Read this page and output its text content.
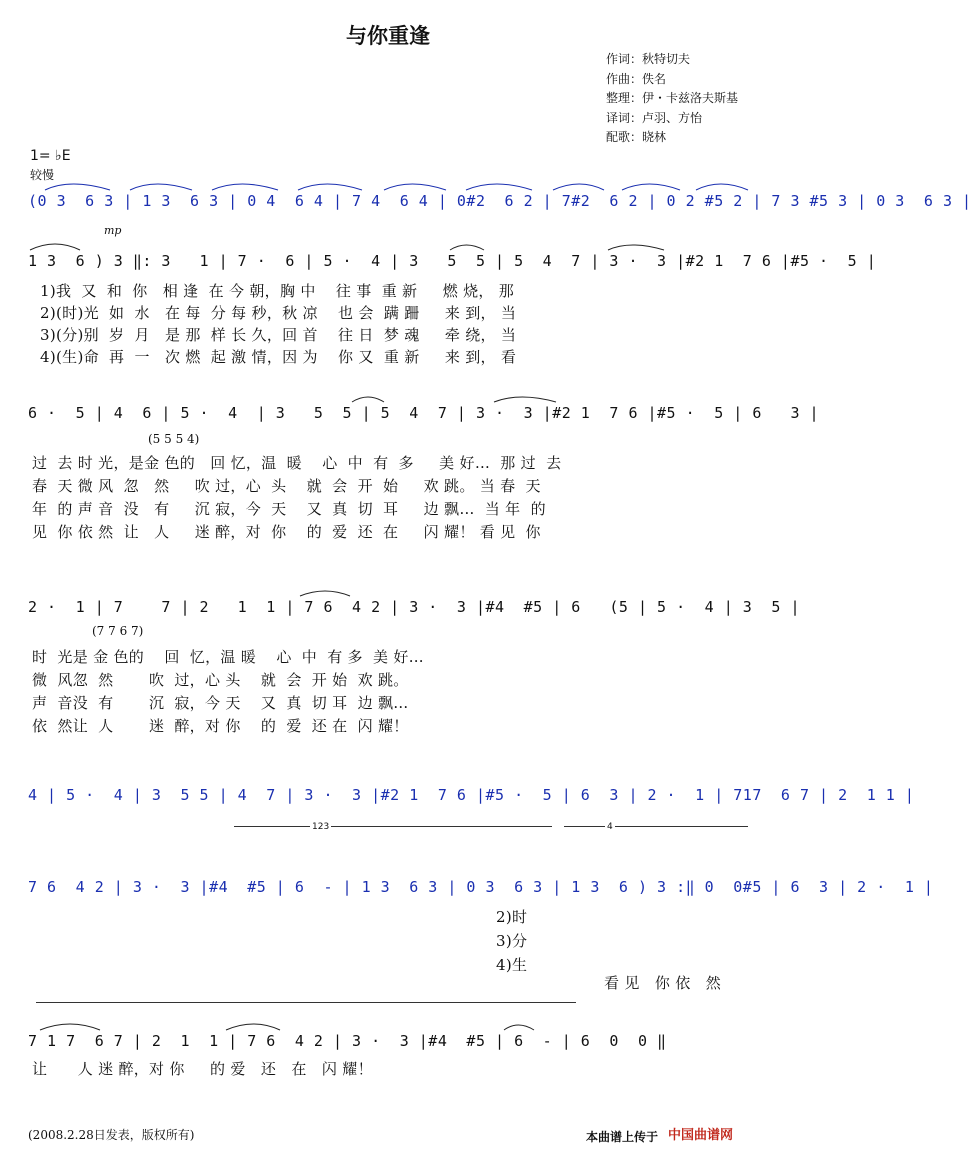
与你重逢
作词：秋特切夫
作曲：佚名
整理：伊・卡兹洛夫斯基
译词：卢羽、方怡
配歌：晓林
1= ♭E
较慢
(0 3  6 3 | 1 3  6 3 | 0 4  6 4 | 7 4  6 4 | 0#2  6 2 | 7#2  6 2 | 0 2 #5 2 | 7 3 #5 3 | 0 3  6 3 |
mp
1 3  6 ) 3 ‖: 3   1 | 7 ·  6 | 5 ·  4 | 3   5  5 | 5  4  7 | 3 ·  3 |#2 1  7 6 |#5 ·  5 |
1)我  又  和  你   相 逢  在 今 朝，胸 中    往 事  重 新     燃 烧， 那
2)(时)光  如  水   在 每  分 每 秒，秋 凉    也 会  蹒 跚     来 到， 当
3)(分)别  岁  月   是 那  样 长 久，回 首    往 日  梦 魂     牵 绕， 当
4)(生)命  再  一   次 燃  起 激 情，因 为    你 又  重 新     来 到， 看
6 ·  5 | 4  6 | 5 ·  4  | 3   5  5 | 5  4  7 | 3 ·  3 |#2 1  7 6 |#5 ·  5 | 6   3 |
(5 5 5 4)
过  去 时 光，是金 色的   回 忆，温  暖    心  中  有  多     美 好…  那 过  去
春  天 微 风  忽   然     吹 过，心  头    就  会  开  始     欢 跳。 当 春  天
年  的 声 音  没   有     沉 寂，今  天    又  真  切  耳     边 飘…  当 年  的
见  你 依 然  让   人     迷 醉，对  你    的  爱  还  在     闪 耀！ 看 见  你
2 ·  1 | 7    7 | 2   1  1 | 7 6  4 2 | 3 ·  3 |#4  #5 | 6   (5 | 5 ·  4 | 3  5 |
(7 7 6 7)
时  光是 金 色的    回  忆，温 暖    心  中  有 多  美 好…
微  风忽  然       吹  过，心 头    就  会  开 始  欢 跳。
声  音没  有       沉  寂，今 天    又  真  切 耳  边 飘…
依  然让  人       迷  醉，对 你    的  爱  还 在  闪 耀！
4 | 5 ·  4 | 3  5 5 | 4  7 | 3 ·  3 |#2 1  7 6 |#5 ·  5 | 6  3 | 2 ·  1 | 717  6 7 | 2  1 1 |
123	4
7 6  4 2 | 3 ·  3 |#4  #5 | 6  - | 1 3  6 3 | 0 3  6 3 | 1 3  6 ) 3 :‖ 0  0#5 | 6  3 | 2 ·  1 |
2)时
3)分
4)生
看 见   你 依   然
7 1 7  6 7 | 2  1  1 | 7 6  4 2 | 3 ·  3 |#4  #5 | 6  - | 6  0  0 ‖
让      人 迷 醉，对 你     的 爱   还   在   闪 耀！
(2008.2.28日发表，版权所有)	本曲谱上传于 中国曲谱网
